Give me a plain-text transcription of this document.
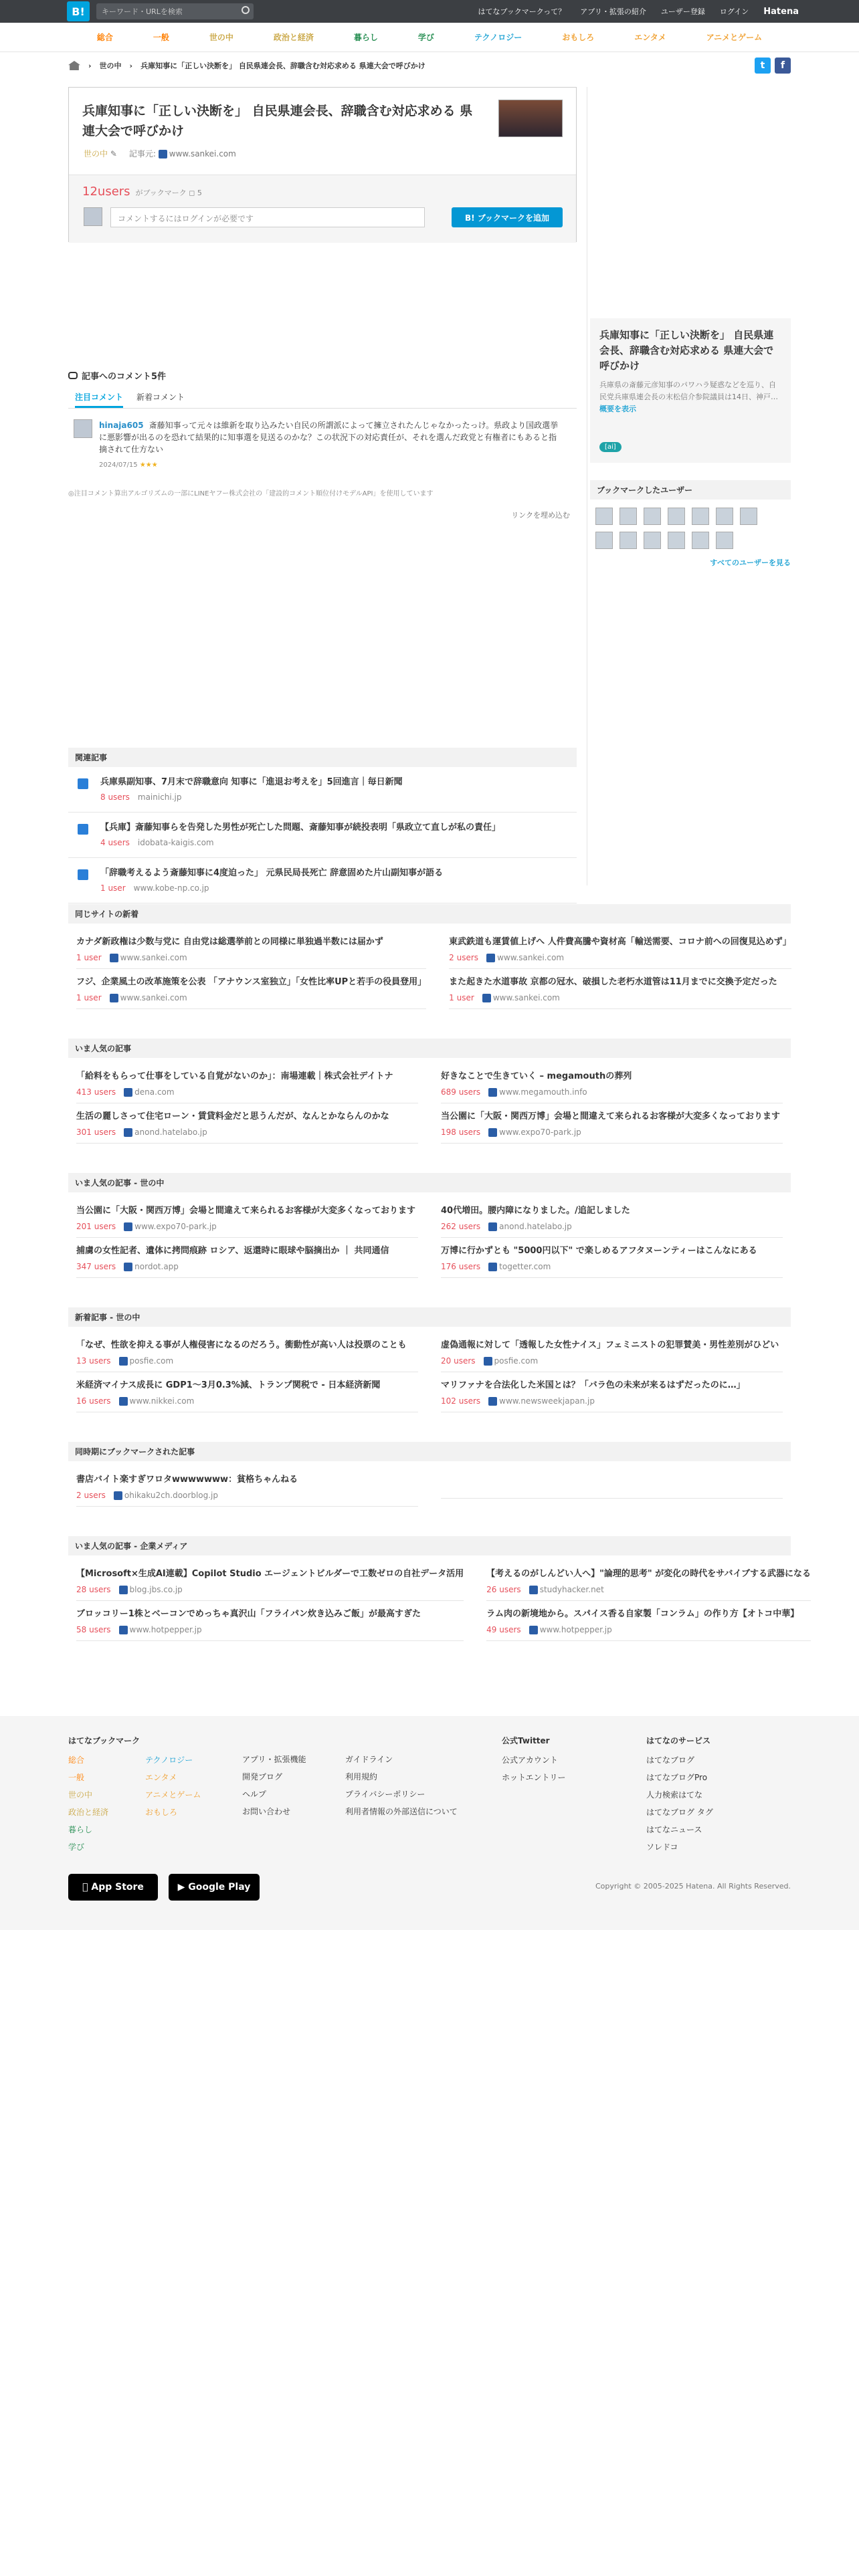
B!	キーワード・URLを検索	はてなブックマークって？ アプリ・拡張の紹介 ユーザー登録 ログイン Hatena
総合	一般	世の中	政治と経済	暮らし	学び	テクノロジー	おもしろ	エンタメ	アニメとゲーム
› 世の中 › 兵庫知事に「正しい決断を」 自民県連会長、辞職含む対応求める 県連大会で呼びかけ	t	f
兵庫知事に「正しい決断を」 自民県連会長、辞職含む対応求める 県連大会で呼びかけ
世の中 ✎ 記事元: www.sankei.com
12users がブックマーク ◻ 5
コメントするにはログインが必要です	B! ブックマークを追加
記事へのコメント5件
注目コメント 新着コメント
hinaja605 斎藤知事って元々は維新を取り込みたい自民の所謂派によって擁立されたんじゃなかったっけ。県政より国政選挙に悪影響が出るのを恐れて結果的に知事選を見送るのかな？この状況下の対応責任が、それを選んだ政党と有権者にもあると指摘されて仕方ない
2024/07/15 ★★★
◎注目コメント算出アルゴリズムの一部にLINEヤフー株式会社の「建設的コメント順位付けモデルAPI」を使用しています
リンクを埋め込む
関連記事
兵庫県副知事、7月末で辞職意向 知事に「進退お考えを」5回進言｜毎日新聞
8 users　 mainichi.jp
【兵庫】斎藤知事らを告発した男性が死亡した問題、斎藤知事が続投表明「県政立て直しが私の責任」
4 users　 idobata-kaigis.com
「辞職考えるよう斎藤知事に4度迫った」 元県民局長死亡 辞意固めた片山副知事が語る
1 user　 www.kobe-np.co.jp
兵庫知事に「正しい決断を」 自民県連会長、辞職含む対応求める 県連大会で呼びかけ

兵庫県の斎藤元彦知事のパワハラ疑惑などを巡り、自民党兵庫県連会長の末松信介参院議員は14日、神戸… 概要を表示

[ai]
ブックマークしたユーザー
すべてのユーザーを見る
同じサイトの新着
カナダ新政権は少数与党に 自由党は総選挙前との同様に単独過半数には届かず
1 user　 www.sankei.com
東武鉄道も運賃値上げへ 人件費高騰や資材高「輸送需要、コロナ前への回復見込めず」
2 users　 www.sankei.com
フジ、企業風土の改革施策を公表 「アナウンス室独立」「女性比率UPと若手の役員登用」
1 user　 www.sankei.com
また起きた水道事故 京都の冠水、破損した老朽水道管は11月までに交換予定だった
1 user　 www.sankei.com
いま人気の記事
「給料をもらって仕事をしている自覚がないのか」：南場連載｜株式会社デイトナ
413 users　 dena.com
好きなことで生きていく – megamouthの葬列
689 users　 www.megamouth.info
生活の麗しさって住宅ローン・賃貸料金だと思うんだが、なんとかならんのかな
301 users　 anond.hatelabo.jp
当公園に「大阪・関西万博」会場と間違えて来られるお客様が大変多くなっております
198 users　 www.expo70-park.jp
いま人気の記事 - 世の中
当公園に「大阪・関西万博」会場と間違えて来られるお客様が大変多くなっております
201 users　 www.expo70-park.jp
40代増田。腰内障になりました。/追記しました
262 users　 anond.hatelabo.jp
捕虜の女性記者、遺体に拷問痕跡 ロシア、返還時に眼球や脳摘出か ｜ 共同通信
347 users　 nordot.app
万博に行かずとも "5000円以下" で楽しめるアフタヌーンティーはこんなにある
176 users　 togetter.com
新着記事 - 世の中
「なぜ、性欲を抑える事が人権侵害になるのだろう。衝動性が高い人は投票のことも
13 users　 posfie.com
虚偽通報に対して「透報した女性ナイス」フェミニストの犯罪賛美・男性差別がひどい
20 users　 posfie.com
米経済マイナス成長に GDP1〜3月0.3%減、トランプ関税で - 日本経済新聞
16 users　 www.nikkei.com
マリファナを合法化した米国とは？「バラ色の未来が来るはずだったのに…」
102 users　 www.newsweekjapan.jp
同時期にブックマークされた記事
書店バイト楽すぎワロタwwwwwww：貧格ちゃんねる
2 users　 ohikaku2ch.doorblog.jp
いま人気の記事 - 企業メディア
【Microsoft×生成AI連載】Copilot Studio エージェントビルダーで工数ゼロの自社データ活用
28 users　 blog.jbs.co.jp
【考えるのがしんどい人へ】"論理的思考" が変化の時代をサバイブする武器になる
26 users　 studyhacker.net
ブロッコリー1株とベーコンでめっちゃ真沢山「フライパン炊き込みご飯」が最高すぎた
58 users　 www.hotpepper.jp
ラム肉の新境地から。スパイス香る自家製「コンラム」の作り方【オトコ中華】
49 users　 www.hotpepper.jp
はてなブックマーク
総合
一般
世の中
政治と経済
暮らし
学び
テクノロジー
エンタメ
アニメとゲーム
おもしろ
アプリ・拡張機能
開発ブログ
ヘルプ
お問い合わせ
ガイドライン
利用規約
プライバシーポリシー
利用者情報の外部送信について
公式Twitter
公式アカウント
ホットエントリー
はてなのサービス
はてなブログ
はてなブログPro
人力検索はてな
はてなブログ タグ
はてなニュース
ソレドコ
App Store	▶ Google Play	Copyright © 2005-2025 Hatena. All Rights Reserved.
